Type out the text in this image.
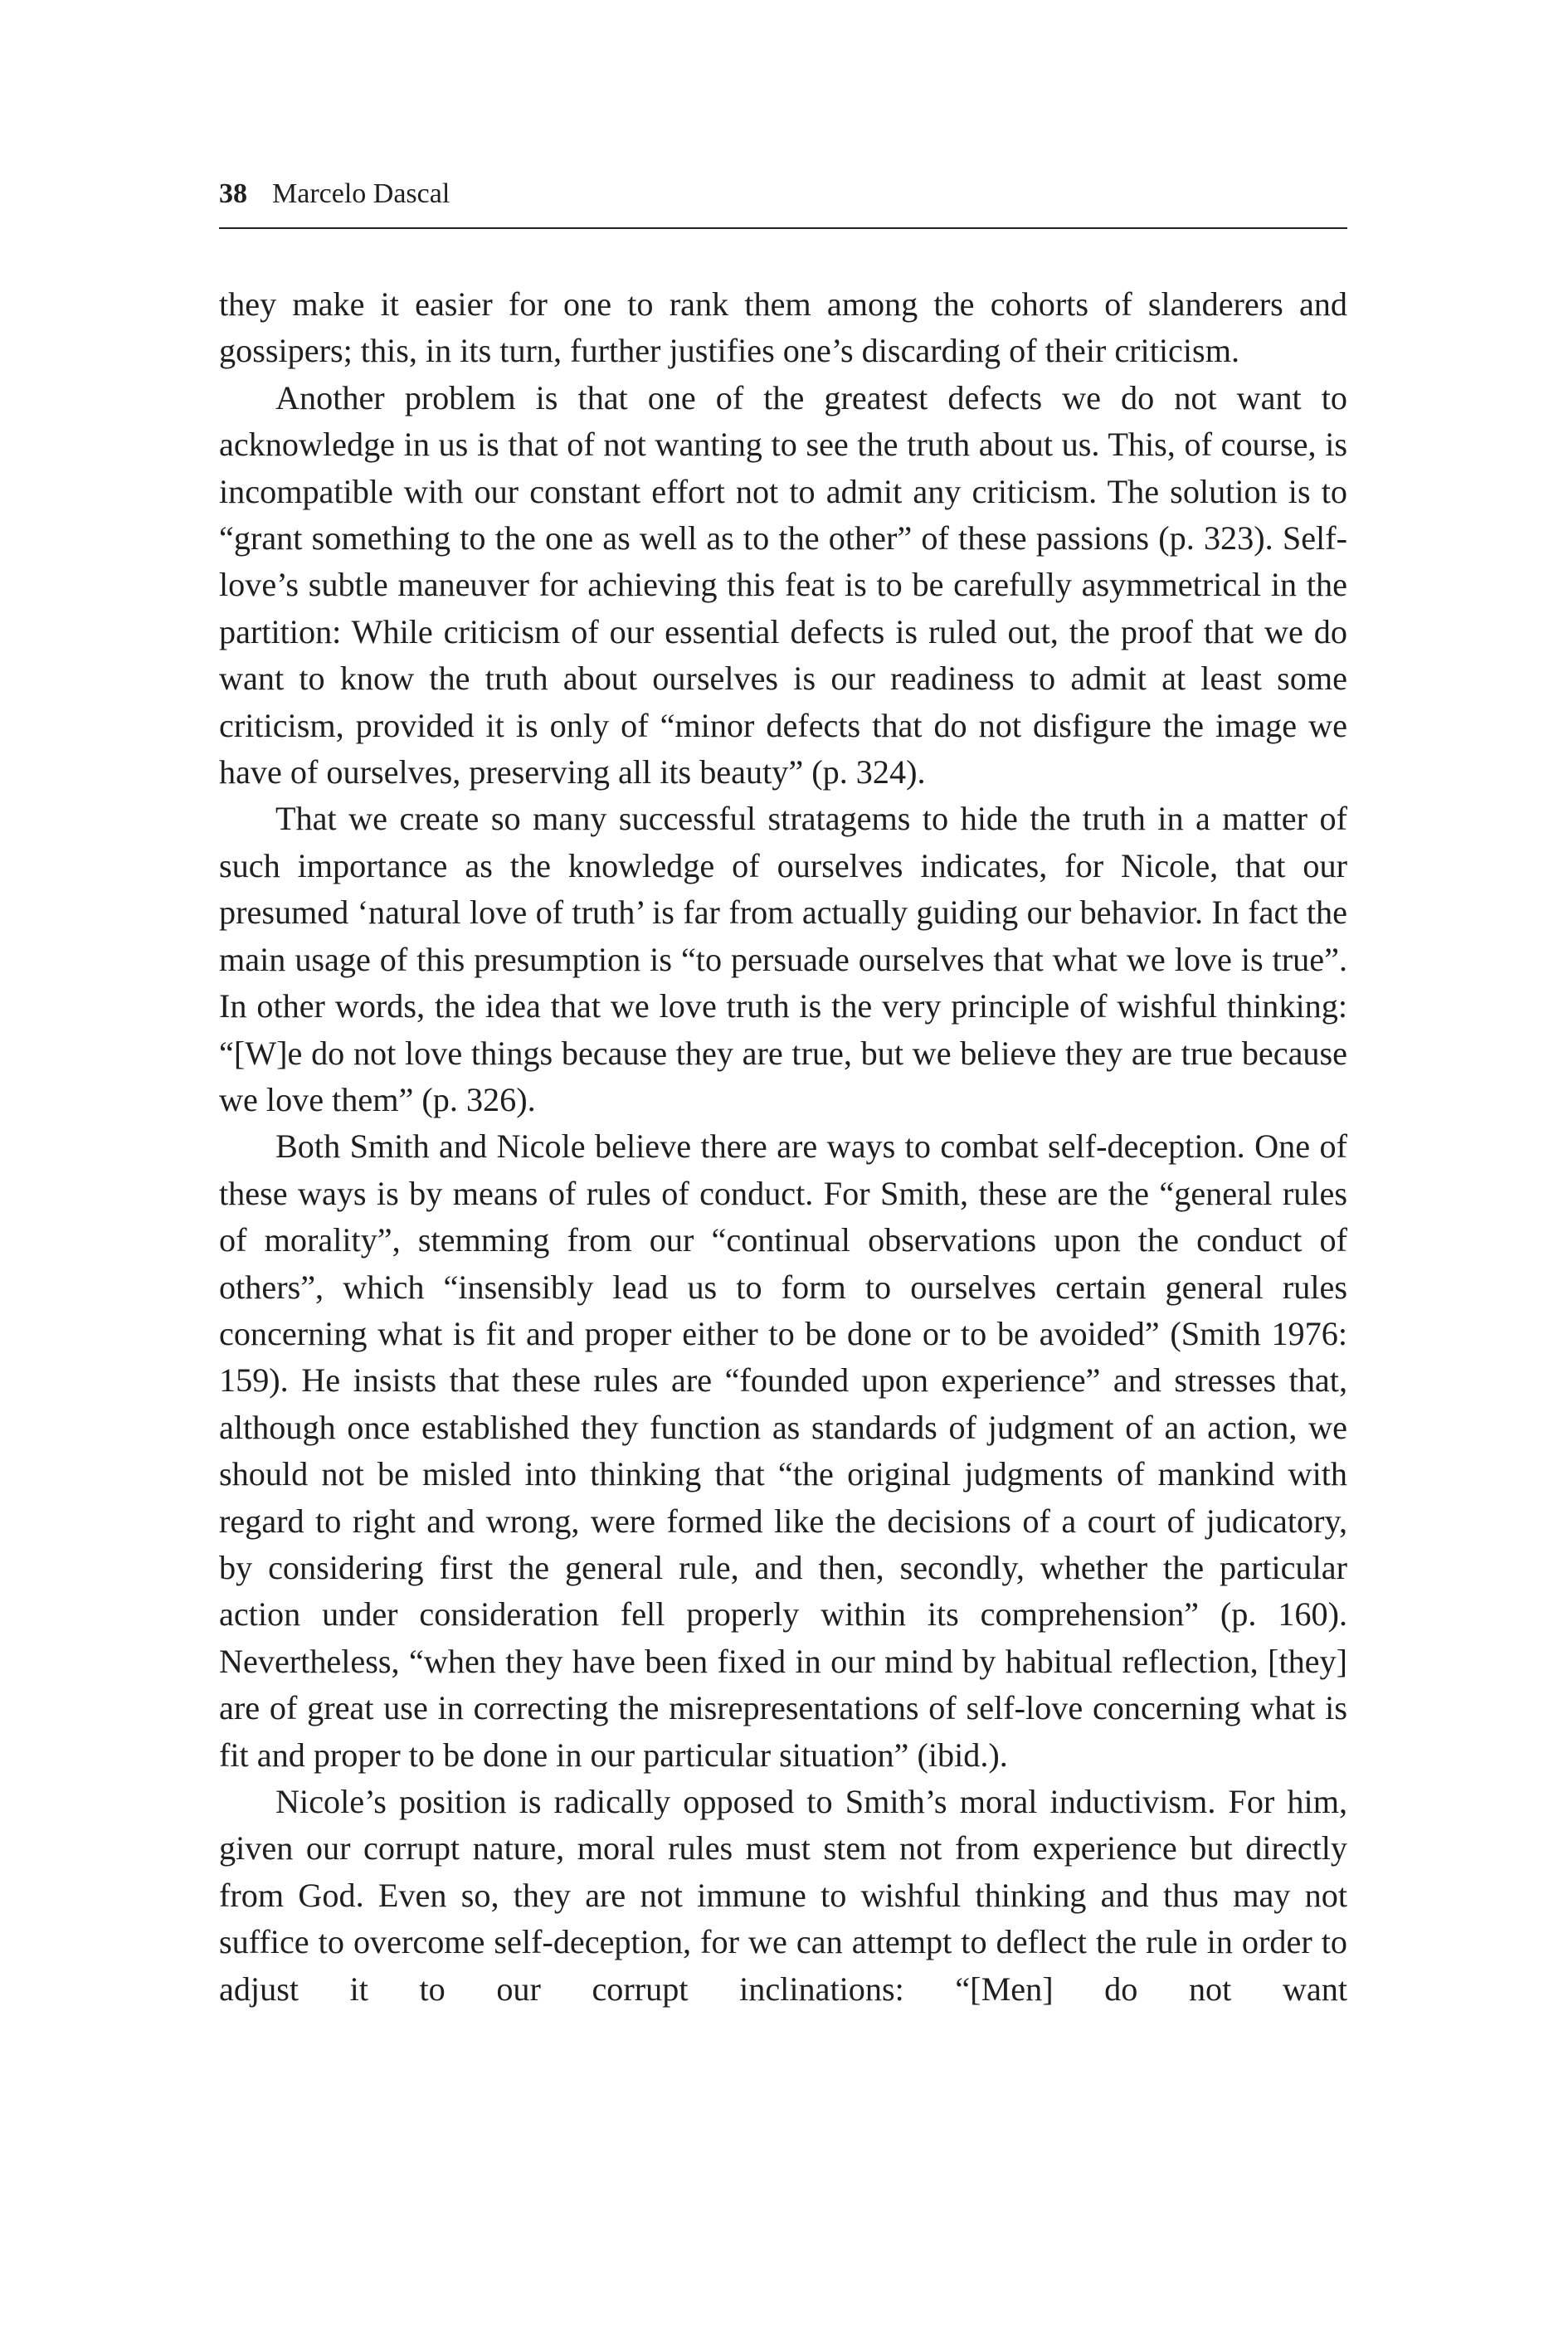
38 Marcelo Dascal

they make it easier for one to rank them among the cohorts of slanderers and gossipers; this, in its turn, further justifies one’s discarding of their criticism.

Another problem is that one of the greatest defects we do not want to acknowledge in us is that of not wanting to see the truth about us. This, of course, is incompatible with our constant effort not to admit any criticism. The solution is to “grant something to the one as well as to the other” of these passions (p. 323). Self-love’s subtle maneuver for achieving this feat is to be carefully asymmetrical in the partition: While criticism of our essential defects is ruled out, the proof that we do want to know the truth about ourselves is our readiness to admit at least some criticism, provided it is only of “minor defects that do not disfigure the image we have of ourselves, preserving all its beauty” (p. 324).

That we create so many successful stratagems to hide the truth in a matter of such importance as the knowledge of ourselves indicates, for Nicole, that our presumed ‘natural love of truth’ is far from actually guiding our behavior. In fact the main usage of this presumption is “to persuade ourselves that what we love is true”. In other words, the idea that we love truth is the very principle of wishful thinking: “[W]e do not love things because they are true, but we believe they are true because we love them” (p. 326).

Both Smith and Nicole believe there are ways to combat self-deception. One of these ways is by means of rules of conduct. For Smith, these are the “general rules of morality”, stemming from our “continual observations upon the conduct of others”, which “insensibly lead us to form to ourselves certain general rules concerning what is fit and proper either to be done or to be avoided” (Smith 1976: 159). He insists that these rules are “founded upon experience” and stresses that, although once established they function as standards of judgment of an action, we should not be misled into thinking that “the original judgments of mankind with regard to right and wrong, were formed like the decisions of a court of judicatory, by considering first the general rule, and then, secondly, whether the particular action under consideration fell properly within its comprehension” (p. 160). Nevertheless, “when they have been fixed in our mind by habitual reflection, [they] are of great use in correcting the misrepresentations of self-love concerning what is fit and proper to be done in our particular situation” (ibid.).

Nicole’s position is radically opposed to Smith’s moral inductivism. For him, given our corrupt nature, moral rules must stem not from experience but directly from God. Even so, they are not immune to wishful thinking and thus may not suffice to overcome self-deception, for we can attempt to deflect the rule in order to adjust it to our corrupt inclinations: “[Men] do not want
